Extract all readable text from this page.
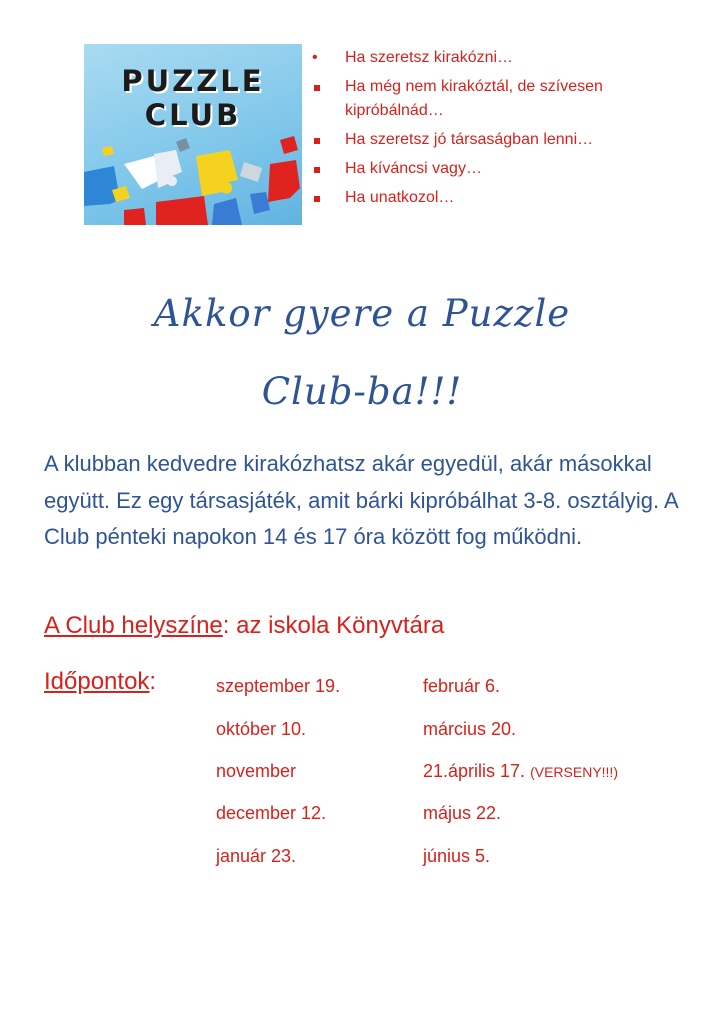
PUZZLE
CLUB
• Ha szeretsz kirakózni…
Ha még nem kirakóztál, de szívesen kipróbálnád…
Ha szeretsz jó társaságban lenni…
Ha kíváncsi vagy…
Ha unatkozol…
Akkor gyere a Puzzle
Club-ba!!!

A klubban kedvedre kirakózhatsz akár egyedül, akár másokkal együtt. Ez egy társasjáték, amit bárki kipróbálhat 3-8. osztályig. A Club pénteki napokon 14 és 17 óra között fog működni.

A Club helyszíne: az iskola Könyvtára
Időpontok:	szeptember 19.
október 10.
november
december 12.
január 23.
február 6.
március 20.
21.április 17. (VERSENY!!!)
május 22.
június 5.
